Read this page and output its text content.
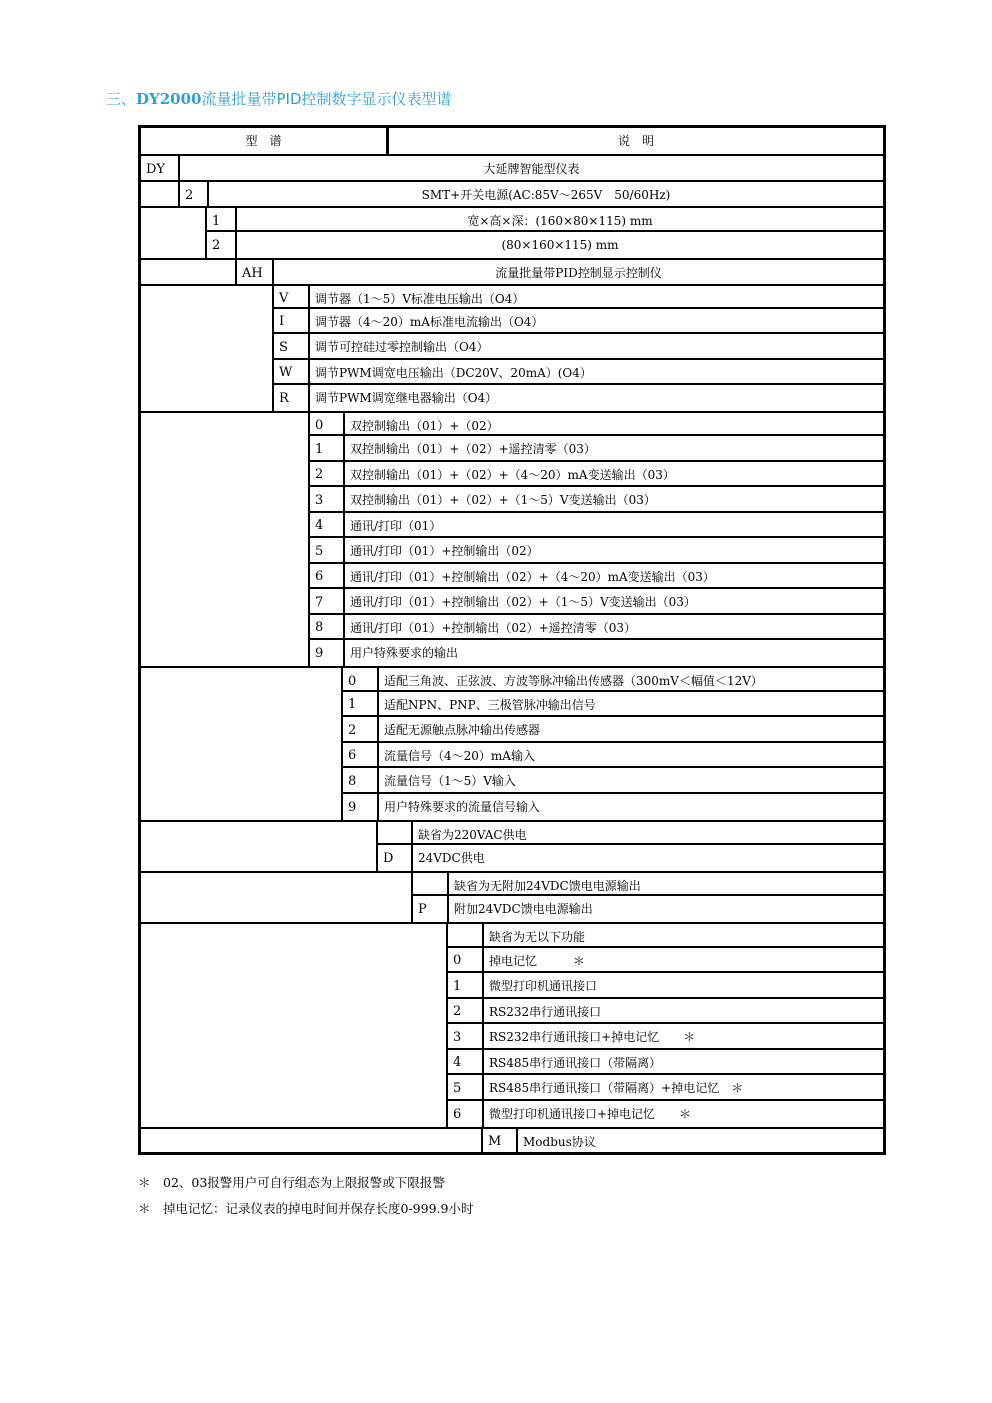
三、DY2000流量批量带PID控制数字显示仪表型谱
型　谱	说　明
DY	大延牌智能型仪表
2	SMT+开关电源(AC:85V～265V　50/60Hz)
1	宽×高×深：(160×80×115) mm
2	(80×160×115) mm
AH	流量批量带PID控制显示控制仪
V	调节器（1～5）V标准电压输出（O4）
I	调节器（4～20）mA标准电流输出（O4）
S	调节可控硅过零控制输出（O4）
W	调节PWM调宽电压输出（DC20V、20mA）(O4）
R	调节PWM调宽继电器输出（O4）
0	双控制输出（01）+（02）
1	双控制输出（01）+（02）+遥控清零（03）
2	双控制输出（01）+（02）+（4～20）mA变送输出（03）
3	双控制输出（01）+（02）+（1～5）V变送输出（03）
4	通讯/打印（01）
5	通讯/打印（01）+控制输出（02）
6	通讯/打印（01）+控制输出（02）+（4～20）mA变送输出（03）
7	通讯/打印（01）+控制输出（02）+（1～5）V变送输出（03）
8	通讯/打印（01）+控制输出（02）+遥控清零（03）
9	用户特殊要求的输出
0	适配三角波、正弦波、方波等脉冲输出传感器（300mV＜幅值＜12V）
1	适配NPN、PNP、三极管脉冲输出信号
2	适配无源触点脉冲输出传感器
6	流量信号（4～20）mA输入
8	流量信号（1～5）V输入
9	用户特殊要求的流量信号输入
缺省为220VAC供电
D	24VDC供电
缺省为无附加24VDC馈电电源输出
P	附加24VDC馈电电源输出
缺省为无以下功能
0	掉电记忆　　　＊
1	微型打印机通讯接口
2	RS232串行通讯接口
3	RS232串行通讯接口+掉电记忆　　＊
4	RS485串行通讯接口（带隔离）
5	RS485串行通讯接口（带隔离）+掉电记忆　＊
6	微型打印机通讯接口+掉电记忆　　＊
M	Modbus协议
＊　02、03报警用户可自行组态为上限报警或下限报警
＊　掉电记忆：记录仪表的掉电时间并保存长度0-999.9小时
